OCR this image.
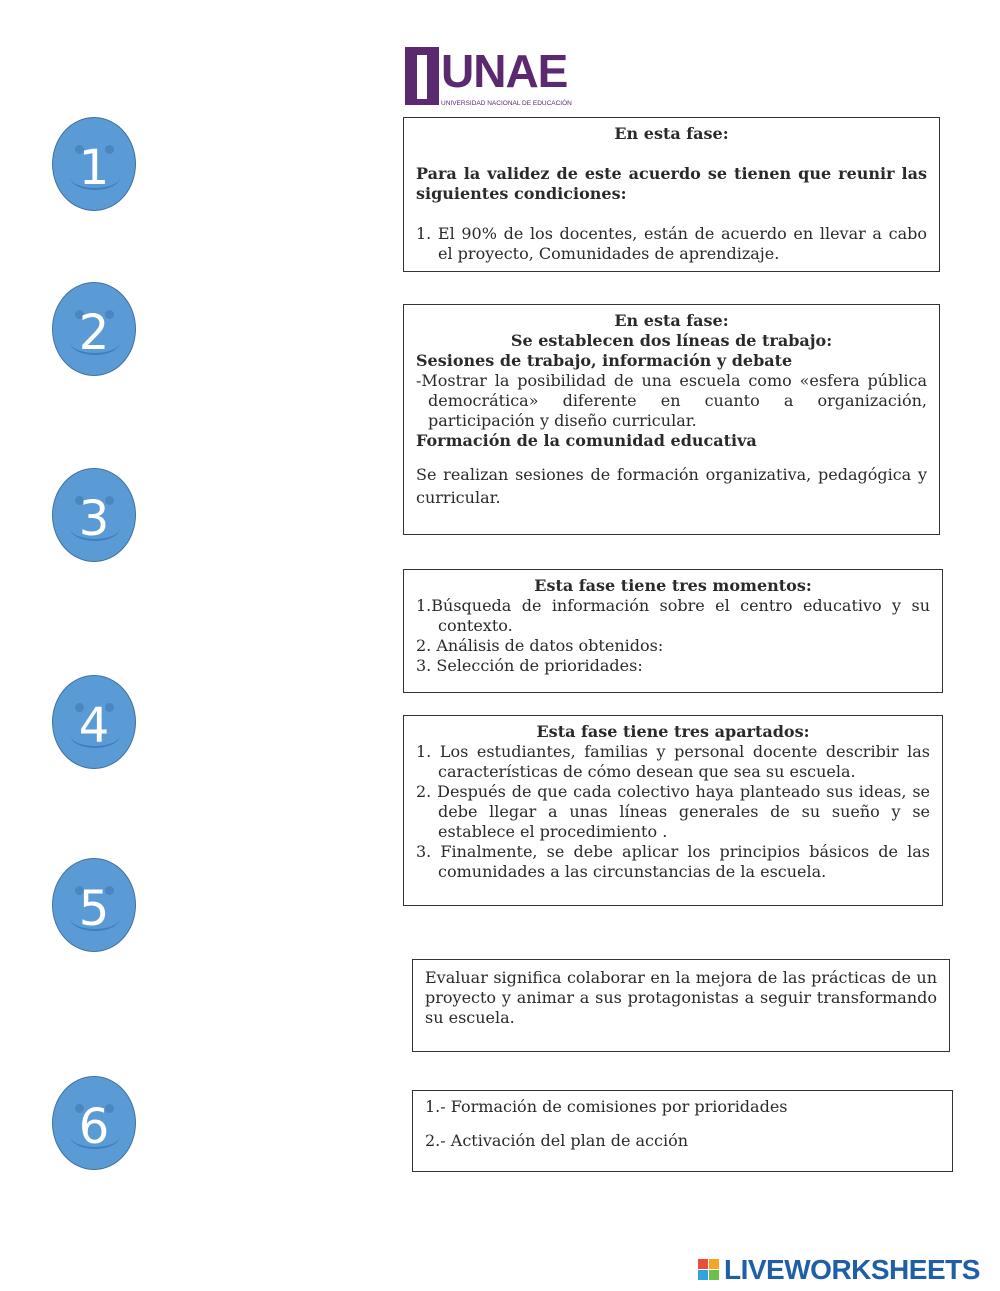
UNAE
UNIVERSIDAD NACIONAL DE EDUCACIÓN
1
2
3
4
5
6

En esta fase:

Para la validez de este acuerdo se tienen que reunir las siguientes condiciones:

1. El 90% de los docentes, están de acuerdo en llevar a cabo el proyecto, Comunidades de aprendizaje.

En esta fase:

Se establecen dos líneas de trabajo:

Sesiones de trabajo, información y debate

-Mostrar la posibilidad de una escuela como «esfera pública democrática» diferente en cuanto a organización, participación y diseño curricular.

Formación de la comunidad educativa

Se realizan sesiones de formación organizativa, pedagógica y curricular.

Esta fase tiene tres momentos:

1.Búsqueda de información sobre el centro educativo y su contexto.

2. Análisis de datos obtenidos:

3. Selección de prioridades:

Esta fase tiene tres apartados:

1. Los estudiantes, familias y personal docente describir las características de cómo desean que sea su escuela.

2. Después de que cada colectivo haya planteado sus ideas, se debe llegar a unas líneas generales de su sueño y se establece el procedimiento .

3. Finalmente, se debe aplicar los principios básicos de las comunidades a las circunstancias de la escuela.

Evaluar significa colaborar en la mejora de las prácticas de un proyecto y animar a sus protagonistas a seguir transformando su escuela.

1.- Formación de comisiones por prioridades

2.- Activación del plan de acción

LIVEWORKSHEETS
